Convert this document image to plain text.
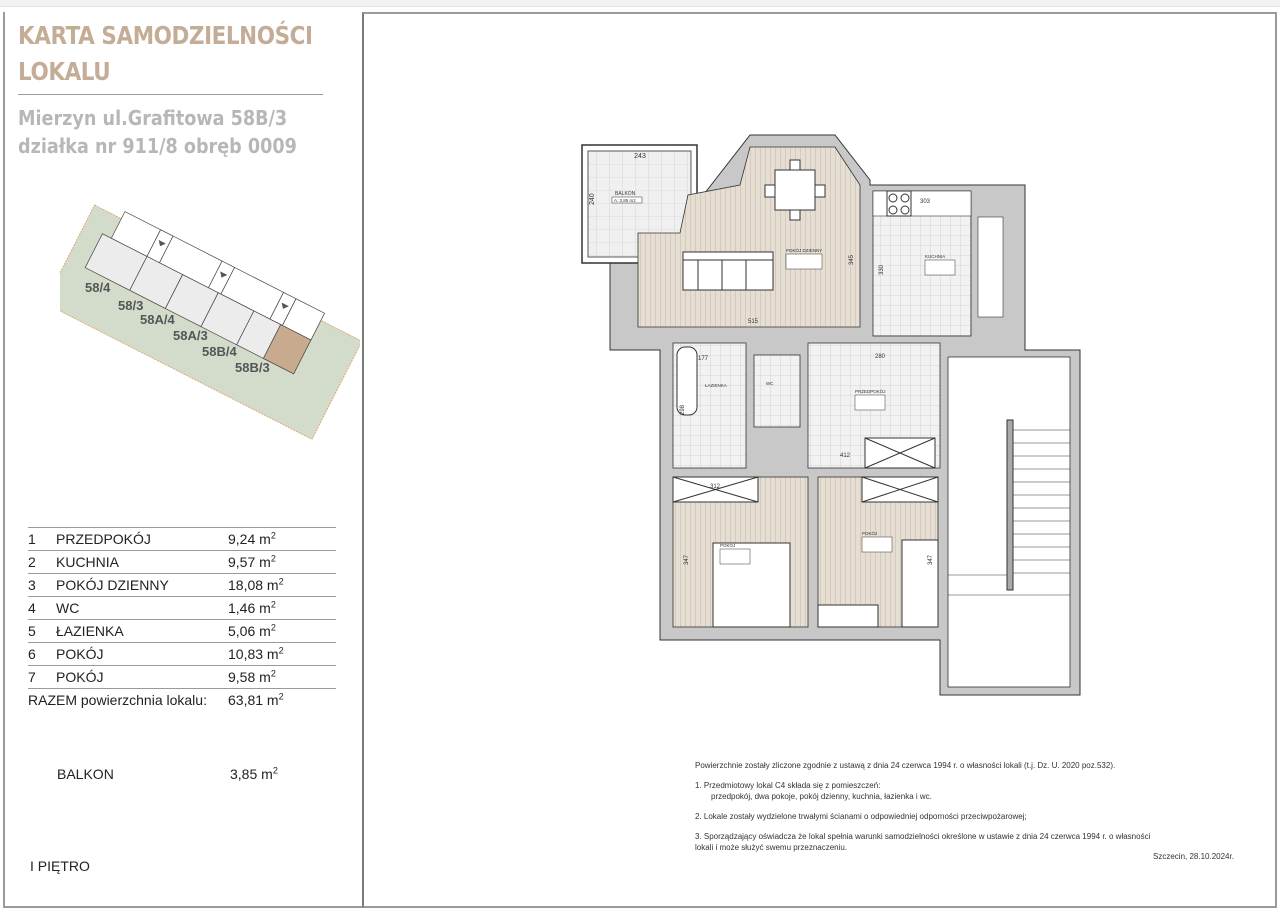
KARTA SAMODZIELNOŚCI
LOKALU
Mierzyn ul.Grafitowa 58B/3
działka nr 911/8 obręb 0009
58/4
58/3
58A/4
58A/3
58B/4
58B/3
1	PRZEDPOKÓJ	9,24 $m^2$
2	KUCHNIA	9,57 $m^2$
3	POKÓJ DZIENNY	18,08 $m^2$
4	WC	1,46 $m^2$
5	ŁAZIENKA	5,06 $m^2$
6	POKÓJ	10,83 $m^2$
7	POKÓJ	9,58 $m^2$
RAZEM powierzchnia lokalu:		63,81 $m^2$
BALKON	3,85 $m^2$
I PIĘTRO
243
240	BALKON
A: 3,85 m2
POKÓJ DZIENNY
515
345
303
KUCHNIA
330
ŁAZIENKA
177
298
WC
PRZEDPOKÓJ
280
412
POKÓJ
312
347
POKÓJ
347

Powierzchnie zostały zliczone zgodnie z ustawą z dnia 24 czerwca 1994 r. o własności lokali (t.j. Dz. U. 2020 poz.532).

1. Przedmiotowy lokal C4 składa się z pomieszczeń:
przedpokój, dwa pokoje, pokój dzienny, kuchnia, łazienka i wc.

2. Lokale zostały wydzielone trwałymi ścianami o odpowiedniej odporności przeciwpożarowej;

3. Sporządzający oświadcza że lokal spełnia warunki samodzielności określone w ustawie z dnia 24 czerwca 1994 r. o własności lokali i może służyć swemu przeznaczeniu.

Szczecin, 28.10.2024r.
